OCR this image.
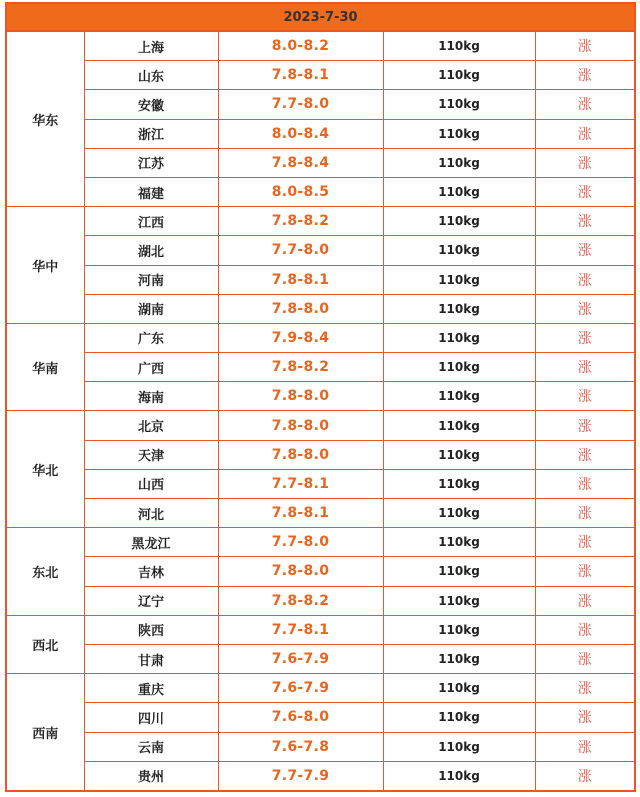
2023-7-30				
华东	上海	8.0-8.2	110kg	涨
	山东	7.8-8.1	110kg	涨
	安徽	7.7-8.0	110kg	涨
	浙江	8.0-8.4	110kg	涨
	江苏	7.8-8.4	110kg	涨
	福建	8.0-8.5	110kg	涨
华中	江西	7.8-8.2	110kg	涨
	湖北	7.7-8.0	110kg	涨
	河南	7.8-8.1	110kg	涨
	湖南	7.8-8.0	110kg	涨
华南	广东	7.9-8.4	110kg	涨
	广西	7.8-8.2	110kg	涨
	海南	7.8-8.0	110kg	涨
华北	北京	7.8-8.0	110kg	涨
	天津	7.8-8.0	110kg	涨
	山西	7.7-8.1	110kg	涨
	河北	7.8-8.1	110kg	涨
东北	黑龙江	7.7-8.0	110kg	涨
	吉林	7.8-8.0	110kg	涨
	辽宁	7.8-8.2	110kg	涨
西北	陕西	7.7-8.1	110kg	涨
	甘肃	7.6-7.9	110kg	涨
西南	重庆	7.6-7.9	110kg	涨
	四川	7.6-8.0	110kg	涨
	云南	7.6-7.8	110kg	涨
	贵州	7.7-7.9	110kg	涨
